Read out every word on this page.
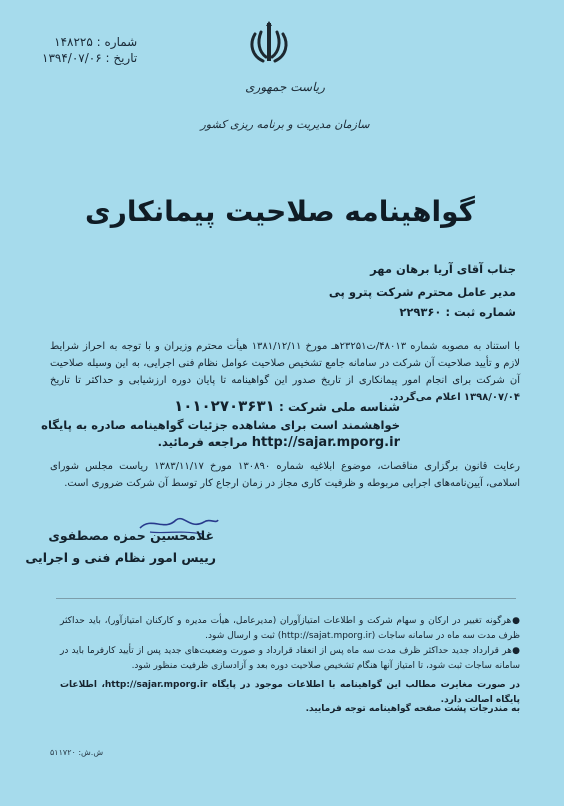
شماره : ۱۴۸۲۲۵
تاریخ : ۱۳۹۴/۰۷/۰۶
ریاست جمهوری
سازمان مدیریت و برنامه ریزی کشور
گواهینامه صلاحیت پیمانکاری
جناب آقای آریا برهان مهر
مدیر عامل محترم شرکت پترو پی
شماره ثبت : ۲۲۹۳۶۰
با استناد به مصوبه شماره ۴۸۰۱۳/ت۲۳۲۵۱هـ مورخ ۱۳۸۱/۱۲/۱۱ هیأت محترم وزیران و با توجه به احراز شرایط لازم و تأیید صلاحیت آن شرکت در سامانه جامع تشخیص صلاحیت عوامل نظام فنی اجرایی، به این وسیله صلاحیت آن شرکت برای انجام امور پیمانکاری از تاریخ صدور این گواهینامه تا پایان دوره ارزشیابی و حداکثر تا تاریخ ۱۳۹۸/۰۷/۰۴ اعلام می‌گردد.
شناسه ملی شرکت : ۱۰۱۰۲۷۰۳۶۳۱
خواهشمند است برای مشاهده جزئیات گواهینامه صادره به پایگاه
http://sajar.mporg.ir مراجعه فرمائید.
رعایت قانون برگزاری مناقصات، موضوع ابلاغیه شماره ۱۳۰۸۹۰ مورخ ۱۳۸۳/۱۱/۱۷ ریاست مجلس شورای اسلامی، آیین‌نامه‌های اجرایی مربوطه و ظرفیت کاری مجاز در زمان ارجاع کار توسط آن شرکت ضروری است.
غلامحسین حمزه مصطفوی
رییس امور نظام فنی و اجرایی
●هرگونه تغییر در ارکان و سهام شرکت و اطلاعات امتیازآوران (مدیرعامل، هیأت مدیره و کارکنان امتیازآور)، باید حداکثر ظرف مدت سه ماه در سامانه ساجات (http://sajat.mporg.ir) ثبت و ارسال شود.
●هر قرارداد جدید حداکثر ظرف مدت سه ماه پس از انعقاد قرارداد و صورت وضعیت‌های جدید پس از تأیید کارفرما باید در سامانه ساجات ثبت شود، تا امتیاز آنها هنگام تشخیص صلاحیت دوره بعد و آزادسازی ظرفیت منظور شود.
در صورت مغایرت مطالب این گواهینامه با اطلاعات موجود در پایگاه http://sajar.mporg.ir، اطلاعات پایگاه اصالت دارد.
به مندرجات پشت صفحه گواهینامه توجه فرمایید.
ش.ش: ۵۱۱۷۲۰
